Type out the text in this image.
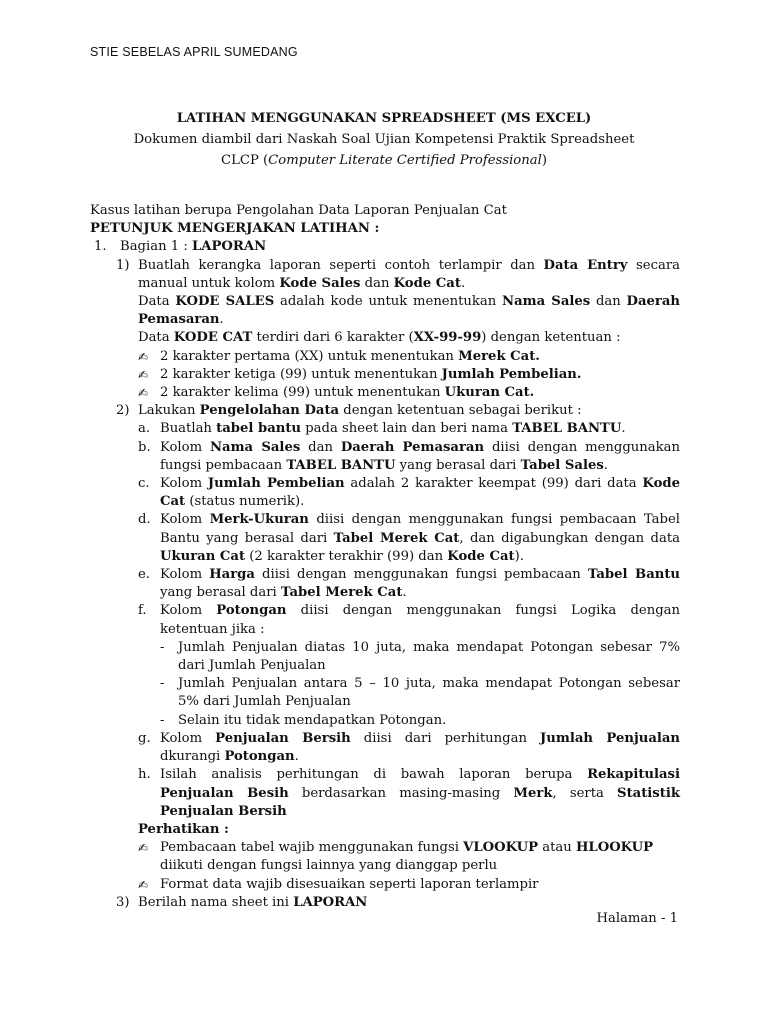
STIE SEBELAS APRIL SUMEDANG
LATIHAN MENGGUNAKAN SPREADSHEET (MS EXCEL)
Dokumen diambil dari Naskah Soal Ujian Kompetensi Praktik Spreadsheet
CLCP (Computer Literate Certified Professional)

Kasus latihan berupa Pengolahan Data Laporan Penjualan Cat

PETUNJUK MENGERJAKAN LATIHAN :

1.	Bagian 1 : LAPORAN
1) Buatlah kerangka laporan seperti contoh terlampir dan Data Entry secara manual untuk kolom Kode Sales dan Kode Cat.

Data KODE SALES adalah kode untuk menentukan Nama Sales dan Daerah Pemasaran.

Data KODE CAT terdiri dari 6 karakter (XX-99-99) dengan ketentuan :

✍ 2 karakter pertama (XX) untuk menentukan Merek Cat.
✍ 2 karakter ketiga (99) untuk menentukan Jumlah Pembelian.
✍ 2 karakter kelima (99) untuk menentukan Ukuran Cat.
2) Lakukan Pengelolahan Data dengan ketentuan sebagai berikut :

a. Buatlah tabel bantu pada sheet lain dan beri nama TABEL BANTU.

b. Kolom Nama Sales dan Daerah Pemasaran diisi dengan menggunakan fungsi pembacaan TABEL BANTU yang berasal dari Tabel Sales.

c. Kolom Jumlah Pembelian adalah 2 karakter keempat (99) dari data Kode Cat (status numerik).

d. Kolom Merk-Ukuran diisi dengan menggunakan fungsi pembacaan Tabel Bantu yang berasal dari Tabel Merek Cat, dan digabungkan dengan data Ukuran Cat (2 karakter terakhir (99) dan Kode Cat).

e. Kolom Harga diisi dengan menggunakan fungsi pembacaan Tabel Bantu yang berasal dari Tabel Merek Cat.

f.	Kolom Potongan diisi dengan menggunakan fungsi Logika dengan ketentuan jika :

-	Jumlah Penjualan diatas 10 juta, maka mendapat Potongan sebesar 7% dari Jumlah Penjualan

-	Jumlah Penjualan antara 5 – 10 juta, maka mendapat Potongan sebesar 5% dari Jumlah Penjualan

-	Selain itu tidak mendapatkan Potongan.

g. Kolom Penjualan Bersih diisi dari perhitungan Jumlah Penjualan dkurangi Potongan.

h. Isilah analisis perhitungan di bawah laporan berupa Rekapitulasi Penjualan Besih berdasarkan masing-masing Merk, serta Statistik Penjualan Bersih

Perhatikan :

✍ Pembacaan tabel wajib menggunakan fungsi VLOOKUP atau HLOOKUP diikuti dengan fungsi lainnya yang dianggap perlu

✍ Format data wajib disesuaikan seperti laporan terlampir

3) Berilah nama sheet ini LAPORAN

Halaman - 1
